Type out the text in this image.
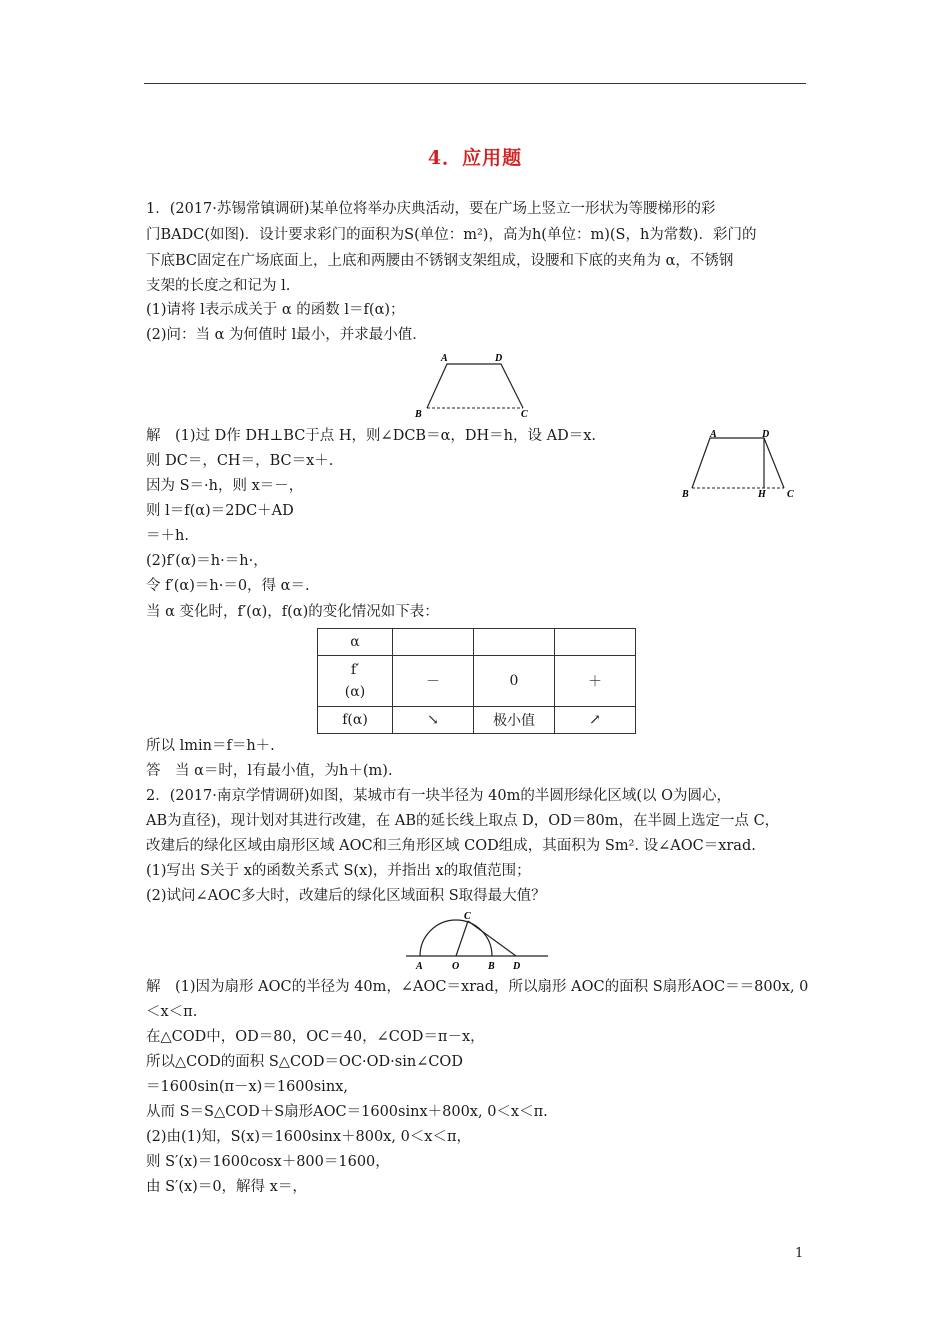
4．应用题
1．(2017·苏锡常镇调研)某单位将举办庆典活动，要在广场上竖立一形状为等腰梯形的彩
门BADC(如图)．设计要求彩门的面积为S(单位：m²)，高为h(单位：m)(S，h为常数)．彩门的
下底BC固定在广场底面上，上底和两腰由不锈钢支架组成，设腰和下底的夹角为 α，不锈钢
支架的长度之和记为 l.
(1)请将 l表示成关于 α 的函数 l＝f(α)；
(2)问：当 α 为何值时 l最小，并求最小值．
A	D
B	C
解　(1)过 D作 DH⊥BC于点 H，则∠DCB＝α，DH＝h，设 AD＝x.
则 DC＝，CH＝，BC＝x＋.
因为 S＝·h，则 x＝－，
则 l＝f(α)＝2DC＋AD
＝＋h.
(2)f′(α)＝h·＝h·，
令 f′(α)＝h·＝0，得 α＝.
当 α 变化时，f′(α)，f(α)的变化情况如下表：
A	D
B	H C
α			
f′
(α)	－	0	＋
f(α)	↘	极小值	↗
所以 lmin＝f＝h＋.
答　当 α＝时，l有最小值，为h＋(m).
2．(2017·南京学情调研)如图，某城市有一块半径为 40m的半圆形绿化区域(以 O为圆心，
AB为直径)，现计划对其进行改建，在 AB的延长线上取点 D，OD＝80m，在半圆上选定一点 C，
改建后的绿化区域由扇形区域 AOC和三角形区域 COD组成，其面积为 Sm². 设∠AOC＝xrad.
(1)写出 S关于 x的函数关系式 S(x)，并指出 x的取值范围；
(2)试问∠AOC多大时，改建后的绿化区域面积 S取得最大值？
C
A	O	B D
解　(1)因为扇形 AOC的半径为 40m，∠AOC＝xrad，所以扇形 AOC的面积 S扇形AOC＝＝800x, 0
＜x＜π.
在△COD中，OD＝80，OC＝40，∠COD＝π－x，
所以△COD的面积 S△COD＝OC·OD·sin∠COD
＝1600sin(π－x)＝1600sinx,
从而 S＝S△COD＋S扇形AOC＝1600sinx＋800x, 0＜x＜π.
(2)由(1)知，S(x)＝1600sinx＋800x, 0＜x＜π，
则 S′(x)＝1600cosx＋800＝1600，
由 S′(x)＝0，解得 x＝，
1
